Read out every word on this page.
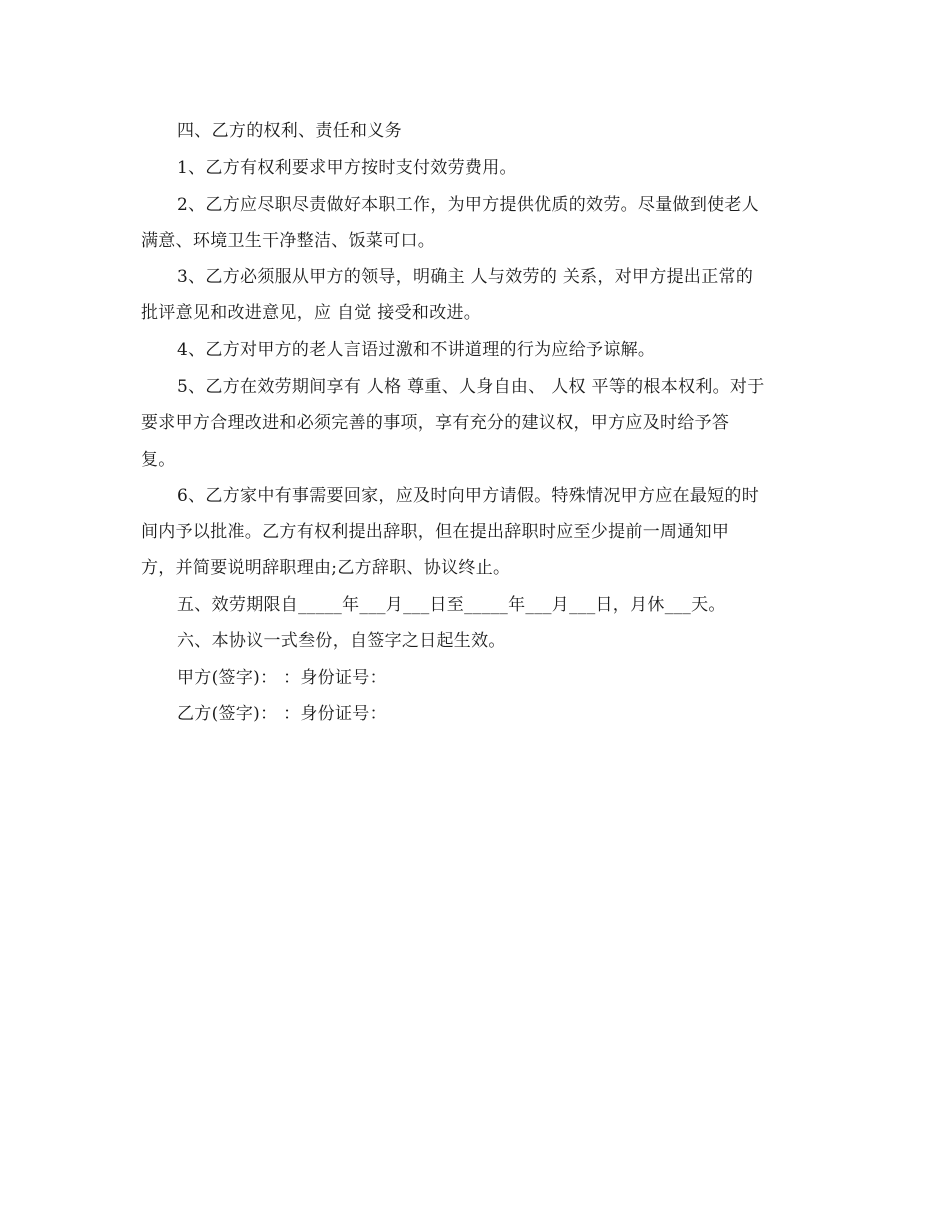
四、乙方的权利、责任和义务
1、乙方有权利要求甲方按时支付效劳费用。
2、乙方应尽职尽责做好本职工作，为甲方提供优质的效劳。尽量做到使老人
满意、环境卫生干净整洁、饭菜可口。
3、乙方必须服从甲方的领导，明确主 人与效劳的 关系，对甲方提出正常的
批评意见和改进意见，应 自觉 接受和改进。
4、乙方对甲方的老人言语过激和不讲道理的行为应给予谅解。
5、乙方在效劳期间享有 人格 尊重、人身自由、 人权 平等的根本权利。对于
要求甲方合理改进和必须完善的事项，享有充分的建议权，甲方应及时给予答
复。
6、乙方家中有事需要回家，应及时向甲方请假。特殊情况甲方应在最短的时
间内予以批准。乙方有权利提出辞职，但在提出辞职时应至少提前一周通知甲
方，并简要说明辞职理由;乙方辞职、协议终止。
五、效劳期限自_____年___月___日至_____年___月___日，月休___天。
六、本协议一式叁份，自签字之日起生效。
甲方(签字)： ：身份证号：
乙方(签字)： ：身份证号：
